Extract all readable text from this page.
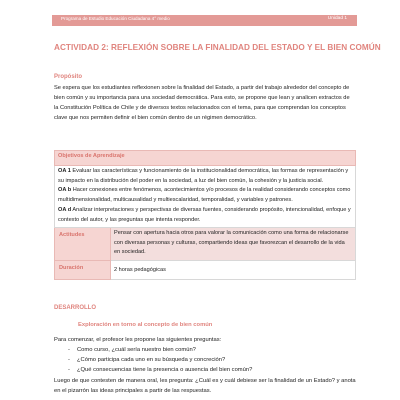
Programa de Estudio Educación Ciudadana 4° medio	Unidad 1
ACTIVIDAD 2: REFLEXIÓN SOBRE LA FINALIDAD DEL ESTADO Y EL BIEN COMÚN
Propósito

Se espera que los estudiantes reflexionen sobre la finalidad del Estado, a partir del trabajo alrededor del concepto de bien común y su importancia para una sociedad democrática. Para esto, se propone que lean y analicen extractos de la Constitución Política de Chile y de diversos textos relacionados con el tema, para que comprendan los conceptos clave que nos permiten definir el bien común dentro de un régimen democrático.

Objetivos de Aprendizaje	

OA 1 Evaluar las características y funcionamiento de la institucionalidad democrática, las formas de representación y su impacto en la distribución del poder en la sociedad, a luz del bien común, la cohesión y la justicia social.

OA b Hacer conexiones entre fenómenos, acontecimientos y/o procesos de la realidad considerando conceptos como multidimensionalidad, multicausalidad y multiescalaridad, temporalidad, y variables y patrones.

OA d Analizar interpretaciones y perspectivas de diversas fuentes, considerando propósito, intencionalidad, enfoque y contexto del autor, y las preguntas que intenta responder.	

Actitudes	Pensar con apertura hacia otros para valorar la comunicación como una forma de relacionarse con diversas personas y culturas, compartiendo ideas que favorezcan el desarrollo de la vida en sociedad.
Duración	2 horas pedagógicas
DESARROLLO
Exploración en torno al concepto de bien común

Para comenzar, el profesor les propone las siguientes preguntas:

- Como curso, ¿cuál sería nuestro bien común?
- ¿Cómo participa cada uno en su búsqueda y concreción?
- ¿Qué consecuencias tiene la presencia o ausencia del bien común?

Luego de que contesten de manera oral, les pregunta: ¿Cuál es y cuál debiese ser la finalidad de un Estado? y anota en el pizarrón las ideas principales a partir de las respuestas.
